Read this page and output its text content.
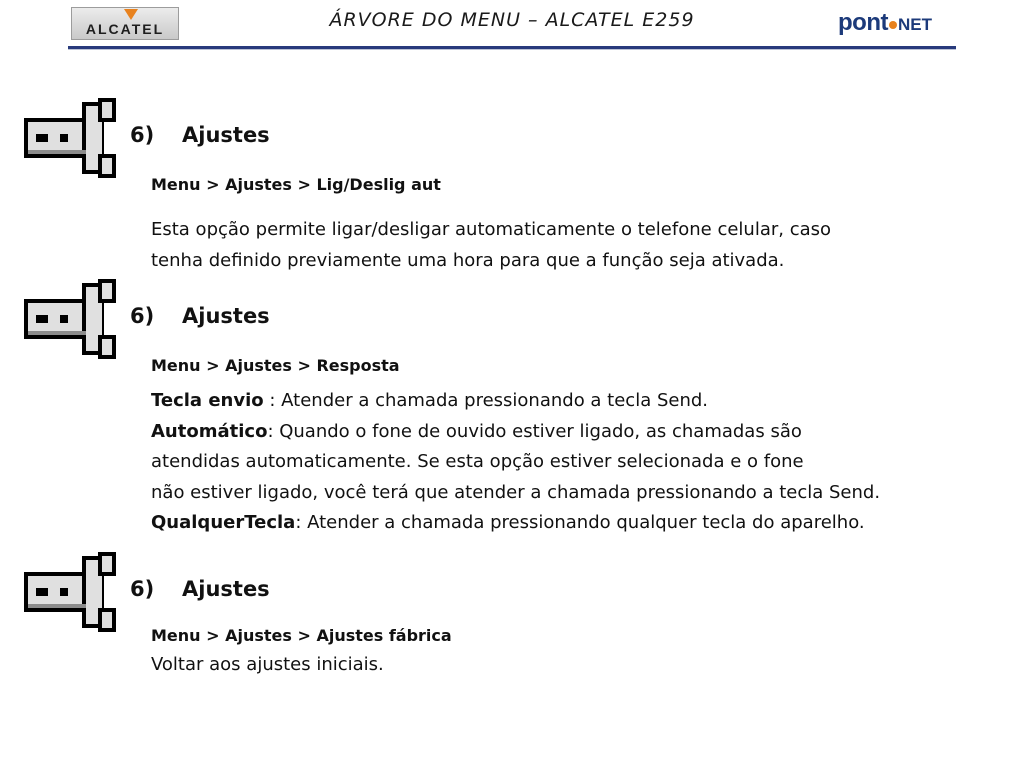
ALCATEL	ÁRVORE DO MENU – ALCATEL E259	pont NET
6) Ajustes
Menu > Ajustes > Lig/Deslig aut
Esta opção permite ligar/desligar automaticamente o telefone celular, caso
tenha definido previamente uma hora para que a função seja ativada.
6) Ajustes
Menu > Ajustes > Resposta
Tecla envio : Atender a chamada pressionando a tecla Send.
Automático: Quando o fone de ouvido estiver ligado, as chamadas são
atendidas automaticamente. Se esta opção estiver selecionada e o fone
não estiver ligado, você terá que atender a chamada pressionando a tecla Send.
QualquerTecla: Atender a chamada pressionando qualquer tecla do aparelho.
6) Ajustes
Menu > Ajustes > Ajustes fábrica
Voltar aos ajustes iniciais.
